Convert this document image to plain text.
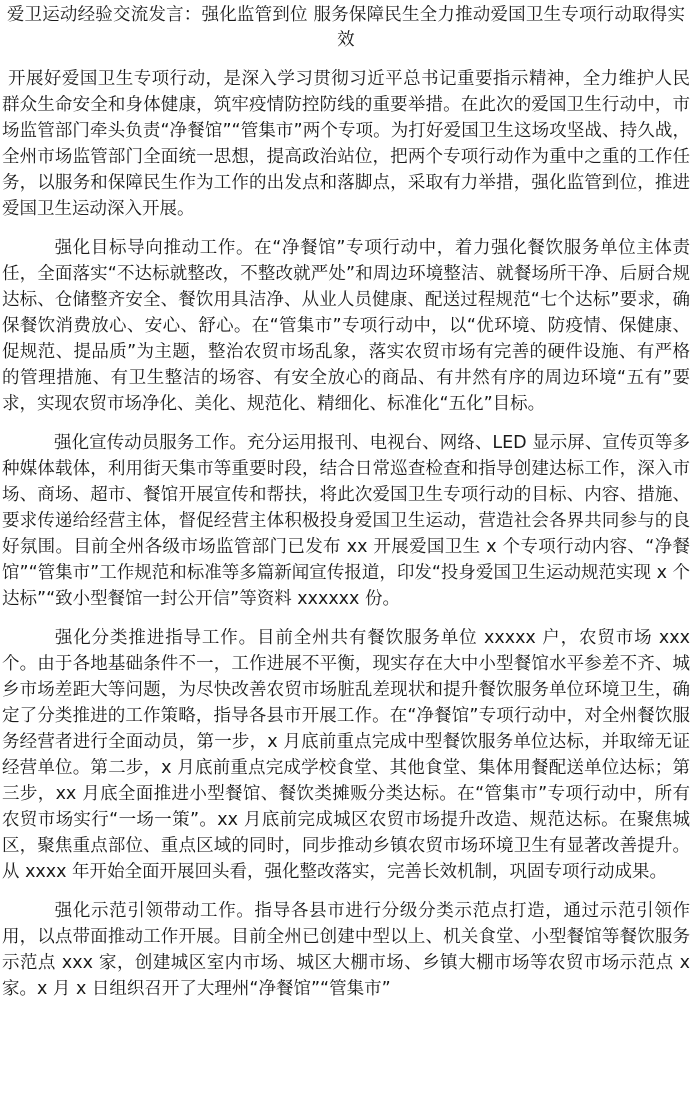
爱卫运动经验交流发言：强化监管到位 服务保障民生全力推动爱国卫生专项行动取得实效

开展好爱国卫生专项行动，是深入学习贯彻习近平总书记重要指示精神，全力维护人民群众生命安全和身体健康，筑牢疫情防控防线的重要举措。在此次的爱国卫生行动中，市场监管部门牵头负责“净餐馆”“管集市”两个专项。为打好爱国卫生这场攻坚战、持久战，全州市场监管部门全面统一思想，提高政治站位，把两个专项行动作为重中之重的工作任务，以服务和保障民生作为工作的出发点和落脚点，采取有力举措，强化监管到位，推进爱国卫生运动深入开展。

强化目标导向推动工作。在“净餐馆”专项行动中，着力强化餐饮服务单位主体责任，全面落实“不达标就整改，不整改就严处”和周边环境整洁、就餐场所干净、后厨合规达标、仓储整齐安全、餐饮用具洁净、从业人员健康、配送过程规范“七个达标”要求，确保餐饮消费放心、安心、舒心。在“管集市”专项行动中，以“优环境、防疫情、保健康、促规范、提品质”为主题，整治农贸市场乱象，落实农贸市场有完善的硬件设施、有严格的管理措施、有卫生整洁的场容、有安全放心的商品、有井然有序的周边环境“五有”要求，实现农贸市场净化、美化、规范化、精细化、标准化“五化”目标。

强化宣传动员服务工作。充分运用报刊、电视台、网络、LED 显示屏、宣传页等多种媒体载体，利用街天集市等重要时段，结合日常巡查检查和指导创建达标工作，深入市场、商场、超市、餐馆开展宣传和帮扶，将此次爱国卫生专项行动的目标、内容、措施、要求传递给经营主体，督促经营主体积极投身爱国卫生运动，营造社会各界共同参与的良好氛围。目前全州各级市场监管部门已发布 xx 开展爱国卫生 x 个专项行动内容、“净餐馆”“管集市”工作规范和标准等多篇新闻宣传报道，印发“投身爱国卫生运动规范实现 x 个达标”“致小型餐馆一封公开信”等资料 xxxxxx 份。

强化分类推进指导工作。目前全州共有餐饮服务单位 xxxxx 户，农贸市场 xxx 个。由于各地基础条件不一，工作进展不平衡，现实存在大中小型餐馆水平参差不齐、城乡市场差距大等问题，为尽快改善农贸市场脏乱差现状和提升餐饮服务单位环境卫生，确定了分类推进的工作策略，指导各县市开展工作。在“净餐馆”专项行动中，对全州餐饮服务经营者进行全面动员，第一步，x 月底前重点完成中型餐饮服务单位达标，并取缔无证经营单位。第二步，x 月底前重点完成学校食堂、其他食堂、集体用餐配送单位达标；第三步，xx 月底全面推进小型餐馆、餐饮类摊贩分类达标。在“管集市”专项行动中，所有农贸市场实行“一场一策”。xx 月底前完成城区农贸市场提升改造、规范达标。在聚焦城区，聚焦重点部位、重点区域的同时，同步推动乡镇农贸市场环境卫生有显著改善提升。从 xxxx 年开始全面开展回头看，强化整改落实，完善长效机制，巩固专项行动成果。

强化示范引领带动工作。指导各县市进行分级分类示范点打造，通过示范引领作用，以点带面推动工作开展。目前全州已创建中型以上、机关食堂、小型餐馆等餐饮服务示范点 xxx 家，创建城区室内市场、城区大棚市场、乡镇大棚市场等农贸市场示范点 x 家。x 月 x 日组织召开了大理州“净餐馆”“管集市”
